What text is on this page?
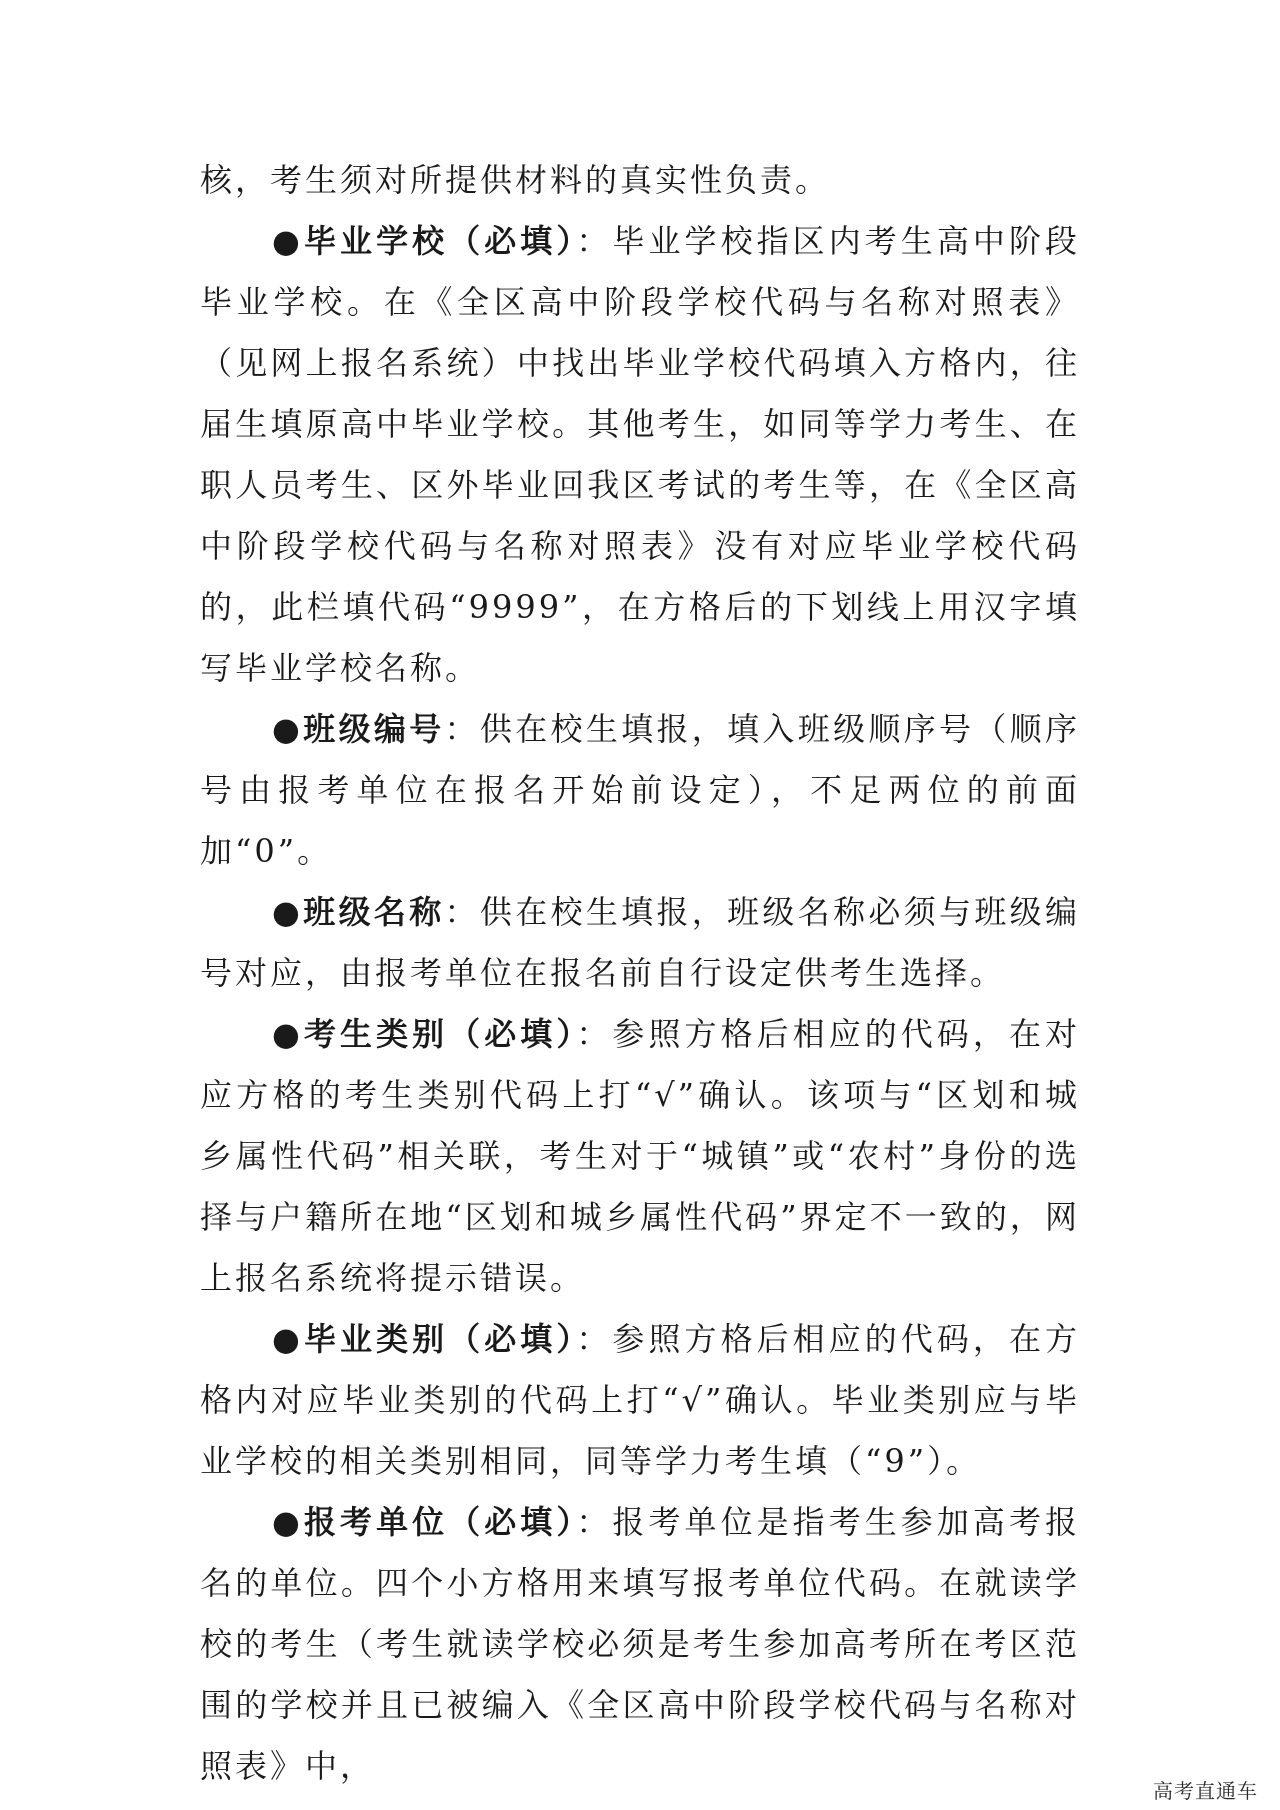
核，考生须对所提供材料的真实性负责。

●毕业学校（必填）：毕业学校指区内考生高中阶段毕业学校。在《全区高中阶段学校代码与名称对照表》（见网上报名系统）中找出毕业学校代码填入方格内，往届生填原高中毕业学校。其他考生，如同等学力考生、在职人员考生、区外毕业回我区考试的考生等，在《全区高中阶段学校代码与名称对照表》没有对应毕业学校代码的，此栏填代码“9999”，在方格后的下划线上用汉字填写毕业学校名称。

●班级编号：供在校生填报，填入班级顺序号（顺序号由报考单位在报名开始前设定），不足两位的前面加“0”。

●班级名称：供在校生填报，班级名称必须与班级编号对应，由报考单位在报名前自行设定供考生选择。

●考生类别（必填）：参照方格后相应的代码，在对应方格的考生类别代码上打“√”确认。该项与“区划和城乡属性代码”相关联，考生对于“城镇”或“农村”身份的选择与户籍所在地“区划和城乡属性代码”界定不一致的，网上报名系统将提示错误。

●毕业类别（必填）：参照方格后相应的代码，在方格内对应毕业类别的代码上打“√”确认。毕业类别应与毕业学校的相关类别相同，同等学力考生填（“9”）。

●报考单位（必填）：报考单位是指考生参加高考报名的单位。四个小方格用来填写报考单位代码。在就读学校的考生（考生就读学校必须是考生参加高考所在考区范围的学校并且已被编入《全区高中阶段学校代码与名称对照表》中，

高考直通车
